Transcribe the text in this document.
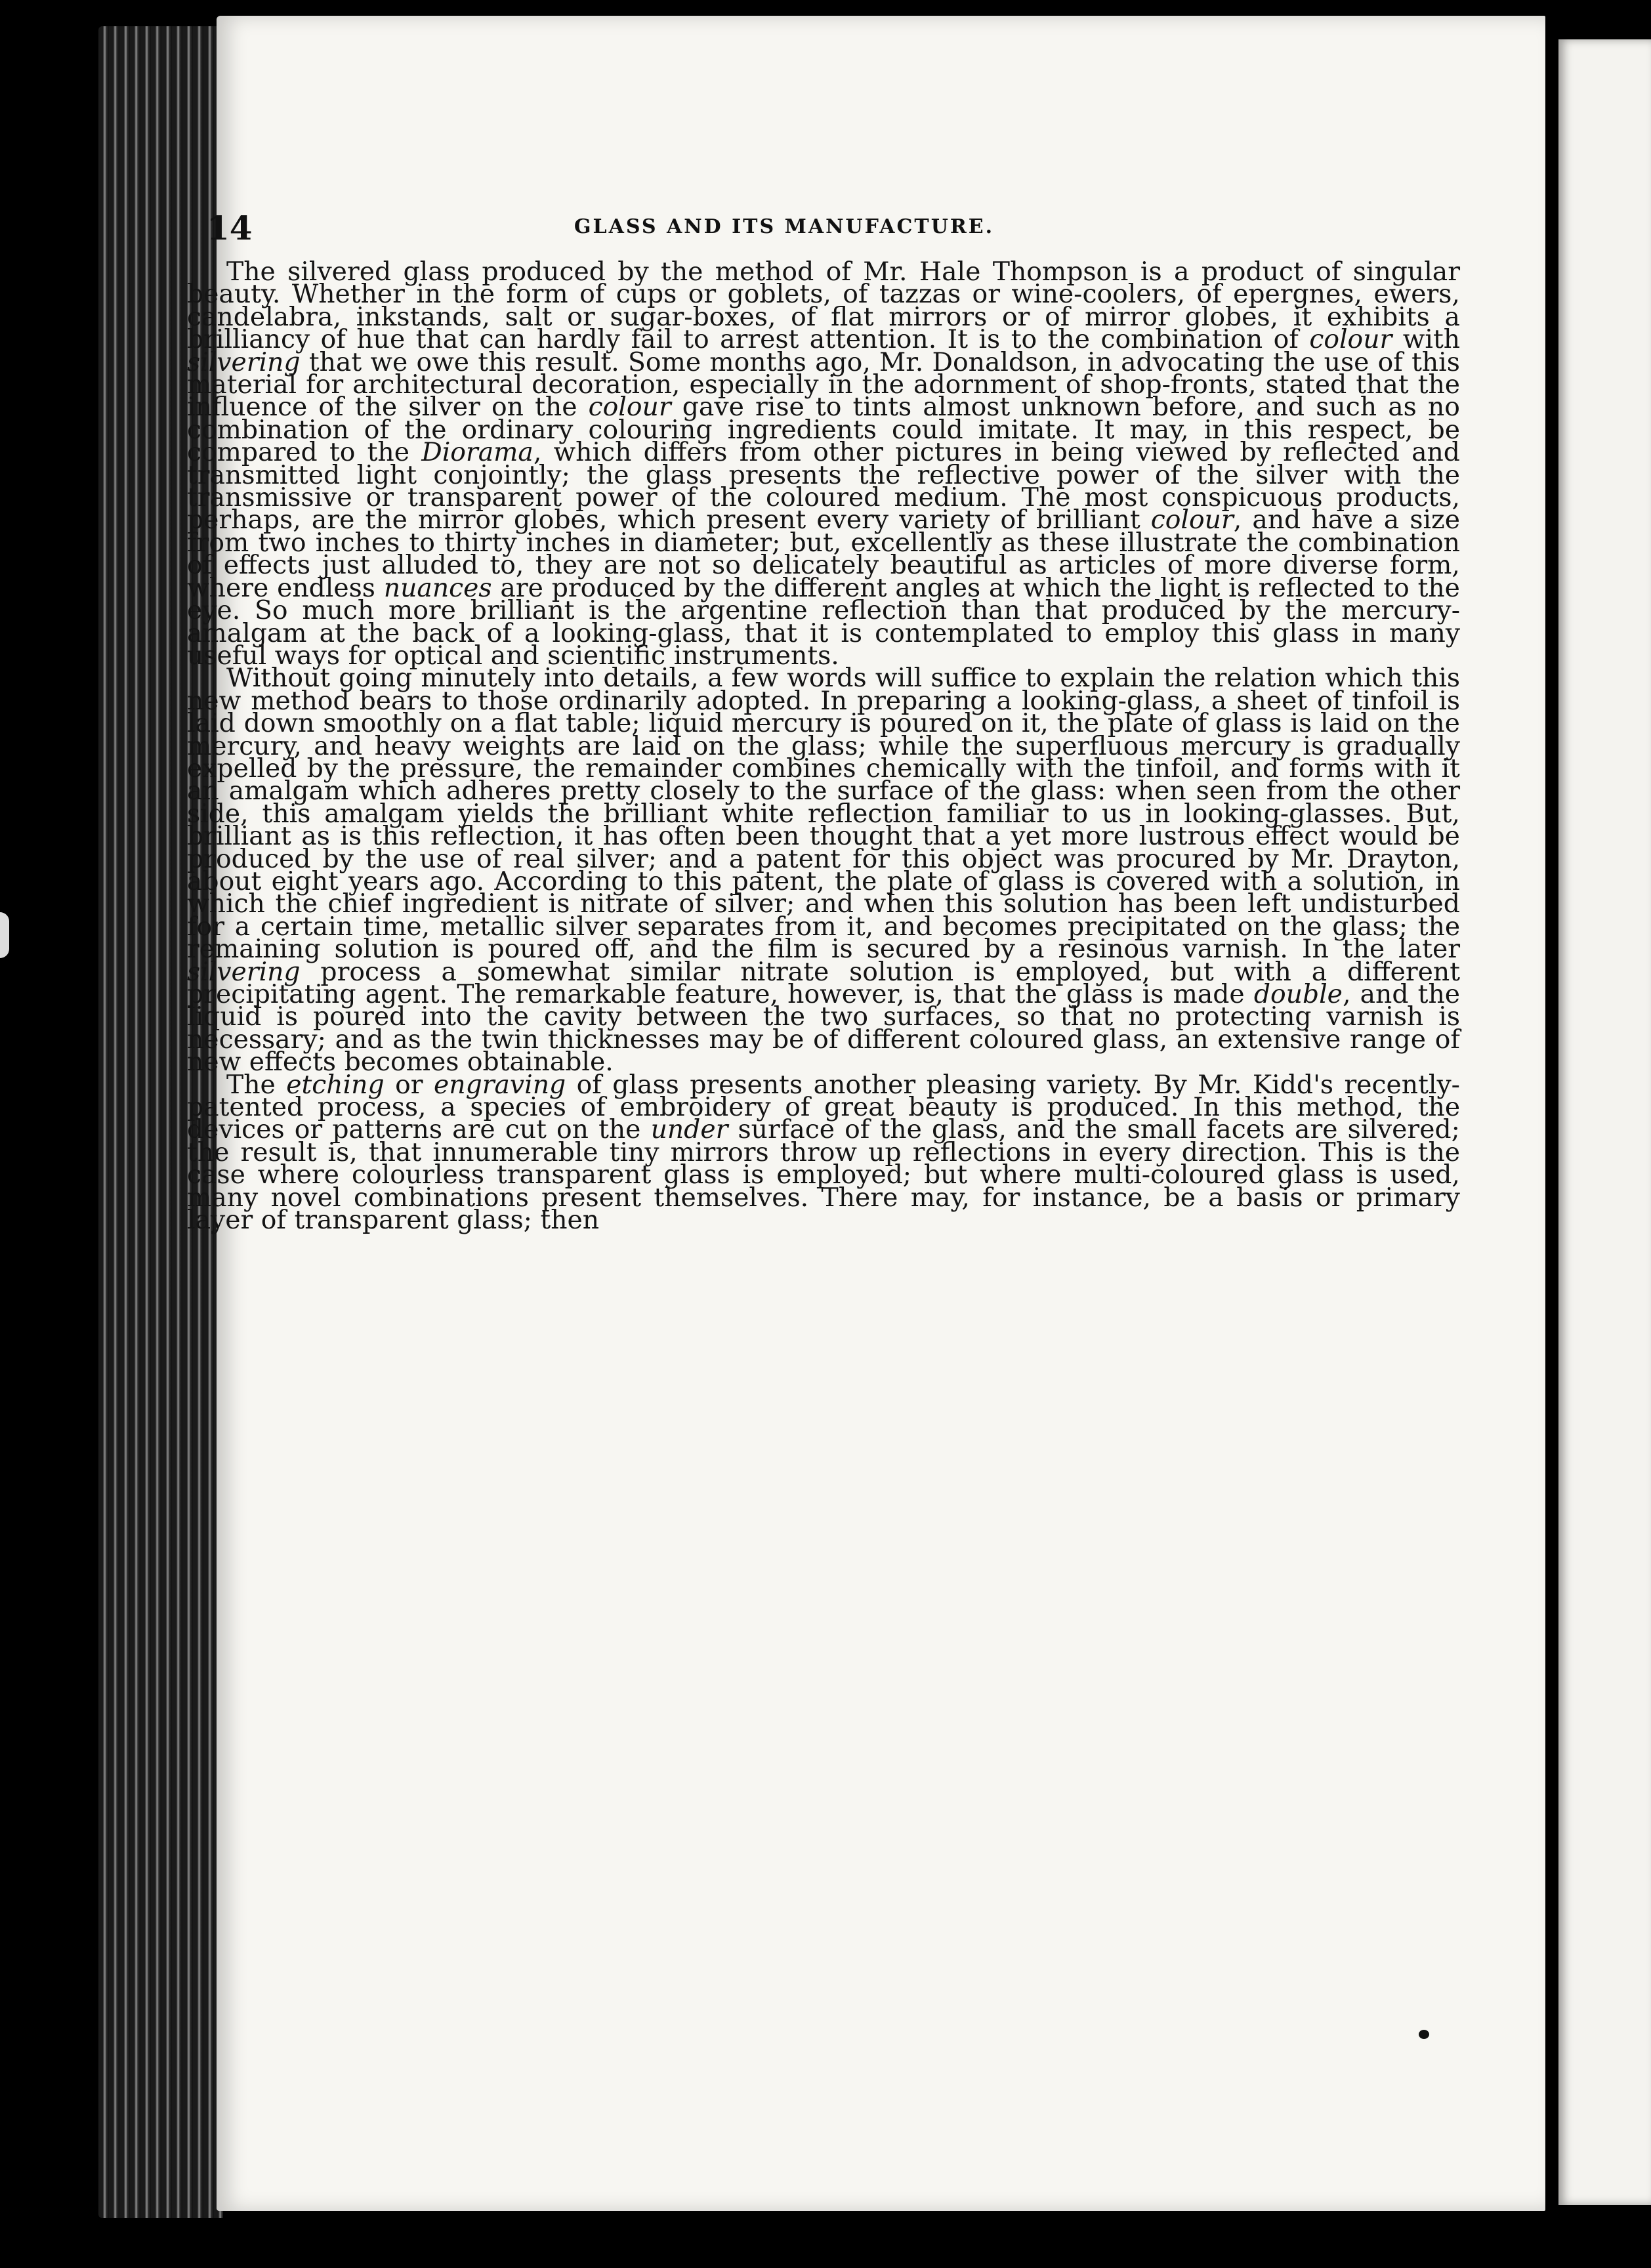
14	GLASS AND ITS MANUFACTURE.

The silvered glass produced by the method of Mr. Hale Thompson is a product of singular beauty. Whether in the form of cups or goblets, of tazzas or wine-coolers, of epergnes, ewers, candelabra, inkstands, salt or sugar-boxes, of flat mirrors or of mirror globes, it exhibits a brilliancy of hue that can hardly fail to arrest attention. It is to the combination of colour with silvering that we owe this result. Some months ago, Mr. Donaldson, in advocating the use of this material for architectural decoration, especially in the adornment of shop-fronts, stated that the influence of the silver on the colour gave rise to tints almost unknown before, and such as no combination of the ordinary colouring ingredients could imitate. It may, in this respect, be compared to the Diorama, which differs from other pictures in being viewed by reflected and transmitted light conjointly; the glass presents the reflective power of the silver with the transmissive or transparent power of the coloured medium. The most conspicuous products, perhaps, are the mirror globes, which present every variety of brilliant colour, and have a size from two inches to thirty inches in diameter; but, excellently as these illustrate the combination of effects just alluded to, they are not so delicately beautiful as articles of more diverse form, where endless nuances are produced by the different angles at which the light is reflected to the eye. So much more brilliant is the argentine reflection than that produced by the mercury-amalgam at the back of a looking-glass, that it is contemplated to employ this glass in many useful ways for optical and scientific instruments.

Without going minutely into details, a few words will suffice to explain the relation which this new method bears to those ordinarily adopted. In preparing a looking-glass, a sheet of tinfoil is laid down smoothly on a flat table; liquid mercury is poured on it, the plate of glass is laid on the mercury, and heavy weights are laid on the glass; while the superfluous mercury is gradually expelled by the pressure, the remainder combines chemically with the tinfoil, and forms with it an amalgam which adheres pretty closely to the surface of the glass: when seen from the other side, this amalgam yields the brilliant white reflection familiar to us in looking-glasses. But, brilliant as is this reflection, it has often been thought that a yet more lustrous effect would be produced by the use of real silver; and a patent for this object was procured by Mr. Drayton, about eight years ago. According to this patent, the plate of glass is covered with a solution, in which the chief ingredient is nitrate of silver; and when this solution has been left undisturbed for a certain time, metallic silver separates from it, and becomes precipitated on the glass; the remaining solution is poured off, and the film is secured by a resinous varnish. In the later silvering process a somewhat similar nitrate solution is employed, but with a different precipitating agent. The remarkable feature, however, is, that the glass is made double, and the liquid is poured into the cavity between the two surfaces, so that no protecting varnish is necessary; and as the twin thicknesses may be of different coloured glass, an extensive range of new effects becomes obtainable.

The etching or engraving of glass presents another pleasing variety. By Mr. Kidd's recently-patented process, a species of embroidery of great beauty is produced. In this method, the devices or patterns are cut on the under surface of the glass, and the small facets are silvered; the result is, that innumerable tiny mirrors throw up reflections in every direction. This is the case where colourless transparent glass is employed; but where multi-coloured glass is used, many novel combinations present themselves. There may, for instance, be a basis or primary layer of transparent glass; then
